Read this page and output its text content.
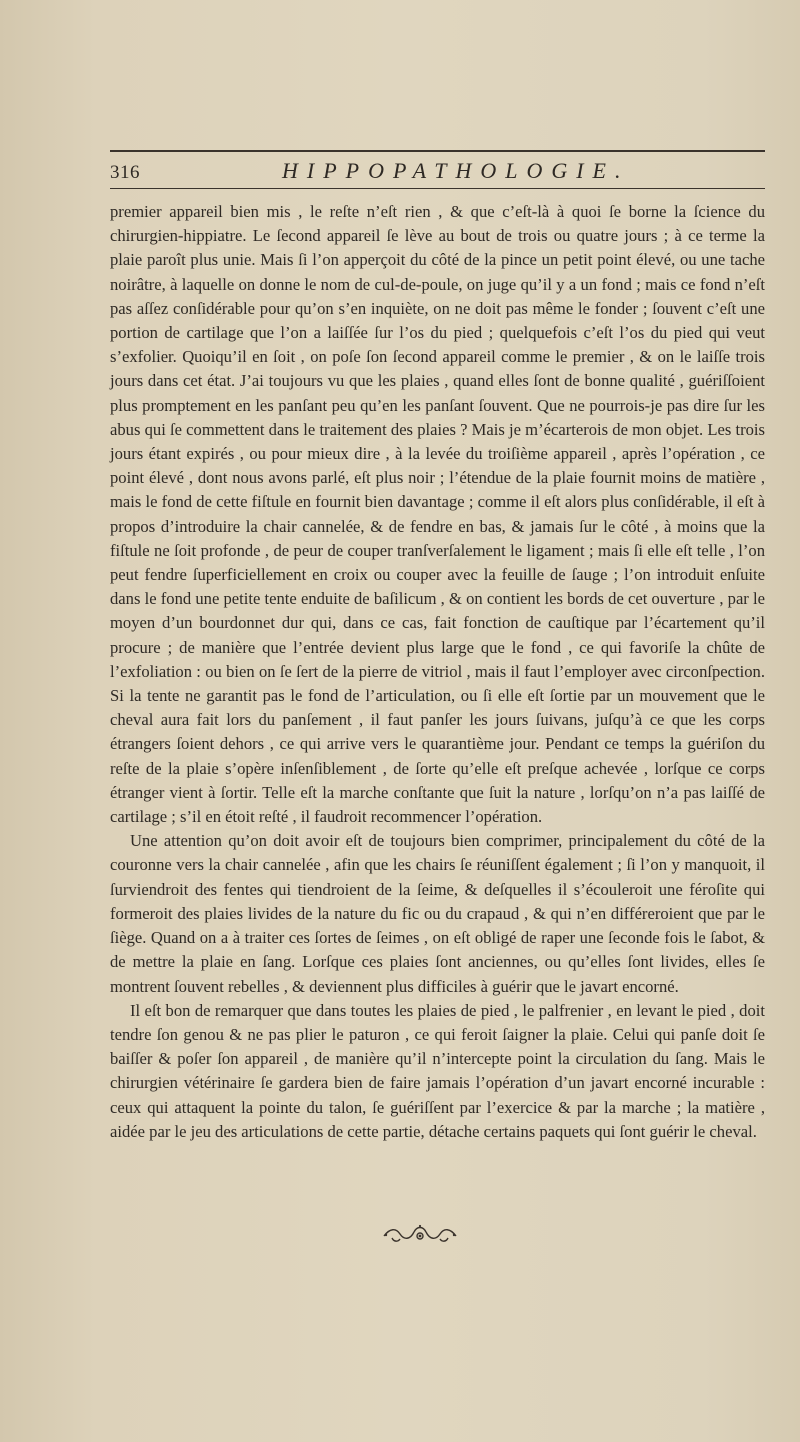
316	HIPPOPATHOLOGIE.

premier appareil bien mis , le reſte n’eſt rien , & que c’eſt-là à quoi ſe borne la ſcience du chirurgien-hippiatre. Le ſecond appareil ſe lève au bout de trois ou quatre jours ; à ce terme la plaie paroît plus unie. Mais ſi l’on apperçoit du côté de la pince un petit point élevé, ou une tache noirâtre, à laquelle on donne le nom de cul-de-poule, on juge qu’il y a un fond ; mais ce fond n’eſt pas aſſez conſidérable pour qu’on s’en inquiète, on ne doit pas même le fonder ; ſouvent c’eſt une portion de cartilage que l’on a laiſſée ſur l’os du pied ; quelquefois c’eſt l’os du pied qui veut s’exfolier. Quoiqu’il en ſoit , on poſe ſon ſecond appareil comme le premier , & on le laiſſe trois jours dans cet état. J’ai toujours vu que les plaies , quand elles ſont de bonne qualité , guériſſoient plus promptement en les panſant peu qu’en les panſant ſouvent. Que ne pourrois-je pas dire ſur les abus qui ſe commettent dans le traitement des plaies ? Mais je m’écarterois de mon objet. Les trois jours étant expirés , ou pour mieux dire , à la levée du troiſième appareil , après l’opération , ce point élevé , dont nous avons parlé, eſt plus noir ; l’étendue de la plaie fournit moins de matière , mais le fond de cette fiſtule en fournit bien davantage ; comme il eſt alors plus conſidérable, il eſt à propos d’introduire la chair cannelée, & de fendre en bas, & jamais ſur le côté , à moins que la fiſtule ne ſoit profonde , de peur de couper tranſverſalement le ligament ; mais ſi elle eſt telle , l’on peut fendre ſuperficiellement en croix ou couper avec la feuille de ſauge ; l’on introduit enſuite dans le fond une petite tente enduite de baſilicum , & on contient les bords de cet ouverture , par le moyen d’un bourdonnet dur qui, dans ce cas, fait fonction de cauſtique par l’écartement qu’il procure ; de manière que l’entrée devient plus large que le fond , ce qui favoriſe la chûte de l’exfoliation : ou bien on ſe ſert de la pierre de vitriol , mais il faut l’employer avec circonſpection. Si la tente ne garantit pas le fond de l’articulation, ou ſi elle eſt ſortie par un mouvement que le cheval aura fait lors du panſement , il faut panſer les jours ſuivans, juſqu’à ce que les corps étrangers ſoient dehors , ce qui arrive vers le quarantième jour. Pendant ce temps la guériſon du reſte de la plaie s’opère inſenſiblement , de ſorte qu’elle eſt preſque achevée , lorſque ce corps étranger vient à ſortir. Telle eſt la marche conſtante que ſuit la nature , lorſqu’on n’a pas laiſſé de cartilage ; s’il en étoit reſté , il faudroit recommencer l’opération.

Une attention qu’on doit avoir eſt de toujours bien comprimer, principalement du côté de la couronne vers la chair cannelée , afin que les chairs ſe réuniſſent également ; ſi l’on y manquoit, il ſurviendroit des fentes qui tiendroient de la ſeime, & deſquelles il s’écouleroit une féroſite qui formeroit des plaies livides de la nature du fic ou du crapaud , & qui n’en différeroient que par le ſiège. Quand on a à traiter ces ſortes de ſeimes , on eſt obligé de raper une ſeconde fois le ſabot, & de mettre la plaie en ſang. Lorſque ces plaies ſont anciennes, ou qu’elles ſont livides, elles ſe montrent ſouvent rebelles , & deviennent plus difficiles à guérir que le javart encorné.

Il eſt bon de remarquer que dans toutes les plaies de pied , le palfrenier , en levant le pied , doit tendre ſon genou & ne pas plier le paturon , ce qui feroit ſaigner la plaie. Celui qui panſe doit ſe baiſſer & poſer ſon appareil , de manière qu’il n’intercepte point la circulation du ſang. Mais le chirurgien vétérinaire ſe gardera bien de faire jamais l’opération d’un javart encorné incurable : ceux qui attaquent la pointe du talon, ſe guériſſent par l’exercice & par la marche ; la matière , aidée par le jeu des articulations de cette partie, détache certains paquets qui ſont guérir le cheval.
